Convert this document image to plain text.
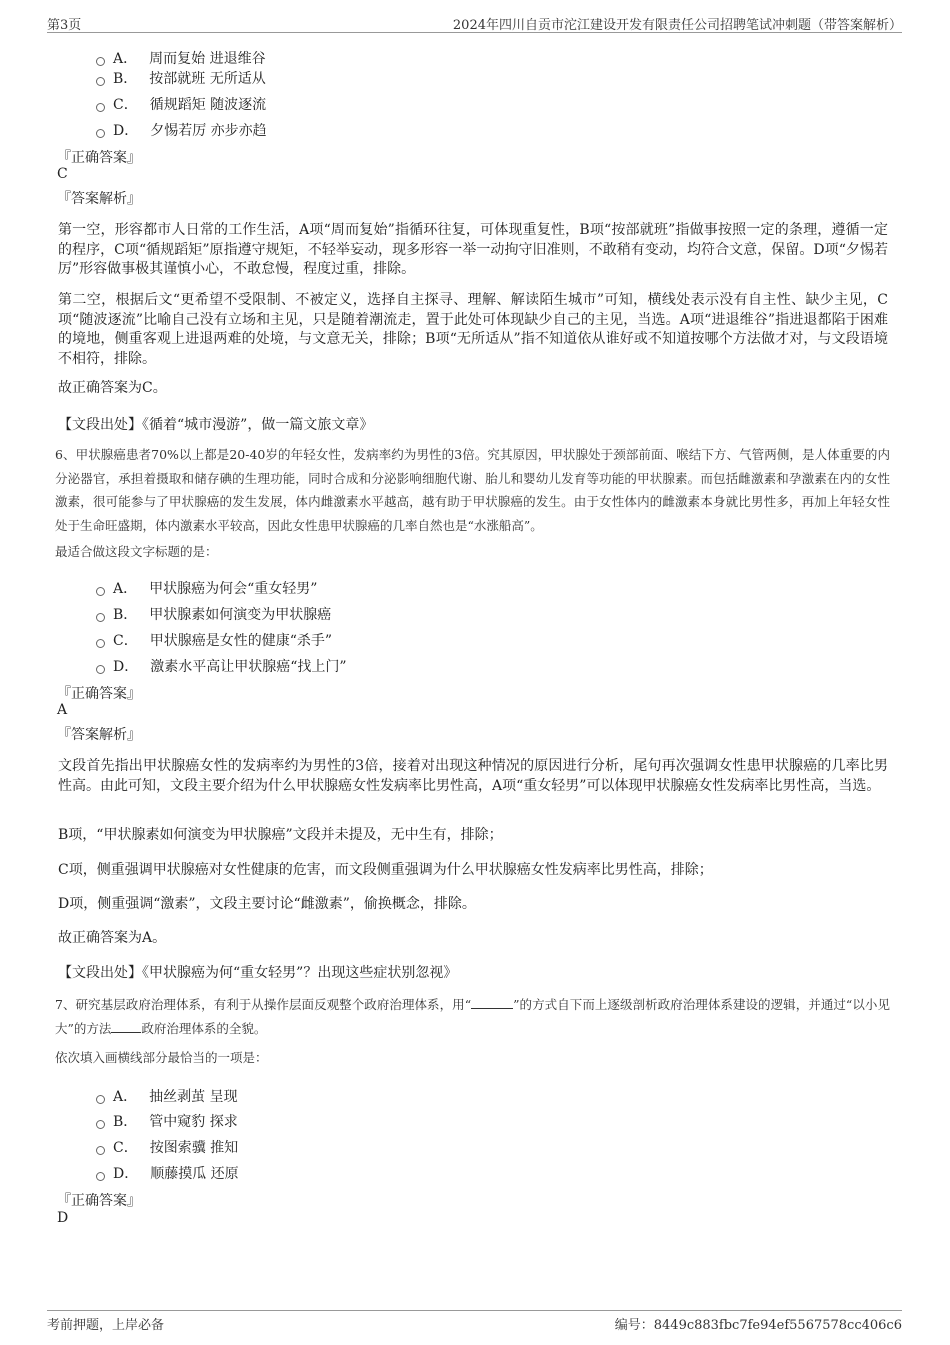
第3页	2024年四川自贡市沱江建设开发有限责任公司招聘笔试冲刺题（带答案解析）
A． 周而复始 进退维谷
B． 按部就班 无所适从
C． 循规蹈矩 随波逐流
D． 夕惕若厉 亦步亦趋
『正确答案』
C
『答案解析』

第一空，形容都市人日常的工作生活，A项“周而复始”指循环往复，可体现重复性，B项“按部就班”指做事按照一定的条理，遵循一定的程序，C项“循规蹈矩”原指遵守规矩，不轻举妄动，现多形容一举一动拘守旧准则，不敢稍有变动，均符合文意，保留。D项“夕惕若厉”形容做事极其谨慎小心，不敢怠慢，程度过重，排除。

第二空，根据后文“更希望不受限制、不被定义，选择自主探寻、理解、解读陌生城市”可知，横线处表示没有自主性、缺少主见，C项“随波逐流”比喻自己没有立场和主见，只是随着潮流走，置于此处可体现缺少自己的主见，当选。A项“进退维谷”指进退都陷于困难的境地，侧重客观上进退两难的处境，与文意无关，排除；B项“无所适从”指不知道依从谁好或不知道按哪个方法做才对，与文段语境不相符，排除。

故正确答案为C。

【文段出处】《循着“城市漫游”，做一篇文旅文章》

6、甲状腺癌患者70%以上都是20-40岁的年轻女性，发病率约为男性的3倍。究其原因，甲状腺处于颈部前面、喉结下方、气管两侧，是人体重要的内分泌器官，承担着摄取和储存碘的生理功能，同时合成和分泌影响细胞代谢、胎儿和婴幼儿发育等功能的甲状腺素。而包括雌激素和孕激素在内的女性激素，很可能参与了甲状腺癌的发生发展，体内雌激素水平越高，越有助于甲状腺癌的发生。由于女性体内的雌激素本身就比男性多，再加上年轻女性处于生命旺盛期，体内激素水平较高，因此女性患甲状腺癌的几率自然也是“水涨船高”。

最适合做这段文字标题的是：
A． 甲状腺癌为何会“重女轻男”
B． 甲状腺素如何演变为甲状腺癌
C． 甲状腺癌是女性的健康“杀手”
D． 激素水平高让甲状腺癌“找上门”
『正确答案』
A
『答案解析』

文段首先指出甲状腺癌女性的发病率约为男性的3倍，接着对出现这种情况的原因进行分析，尾句再次强调女性患甲状腺癌的几率比男性高。由此可知，文段主要介绍为什么甲状腺癌女性发病率比男性高，A项“重女轻男”可以体现甲状腺癌女性发病率比男性高，当选。

B项，“甲状腺素如何演变为甲状腺癌”文段并未提及，无中生有，排除；

C项，侧重强调甲状腺癌对女性健康的危害，而文段侧重强调为什么甲状腺癌女性发病率比男性高，排除；

D项，侧重强调“激素”，文段主要讨论“雌激素”，偷换概念，排除。

故正确答案为A。

【文段出处】《甲状腺癌为何“重女轻男”？出现这些症状别忽视》

7、研究基层政府治理体系，有利于从操作层面反观整个政府治理体系，用“	”的方式自下而上逐级剖析政府治理体系建设的逻辑，并通过“以小见大”的方法 政府治理体系的全貌。

依次填入画横线部分最恰当的一项是：
A． 抽丝剥茧 呈现
B． 管中窥豹 探求
C． 按图索骥 推知
D． 顺藤摸瓜 还原
『正确答案』
D
考前押题，上岸必备	编号：8449c883fbc7fe94ef5567578cc406c6
